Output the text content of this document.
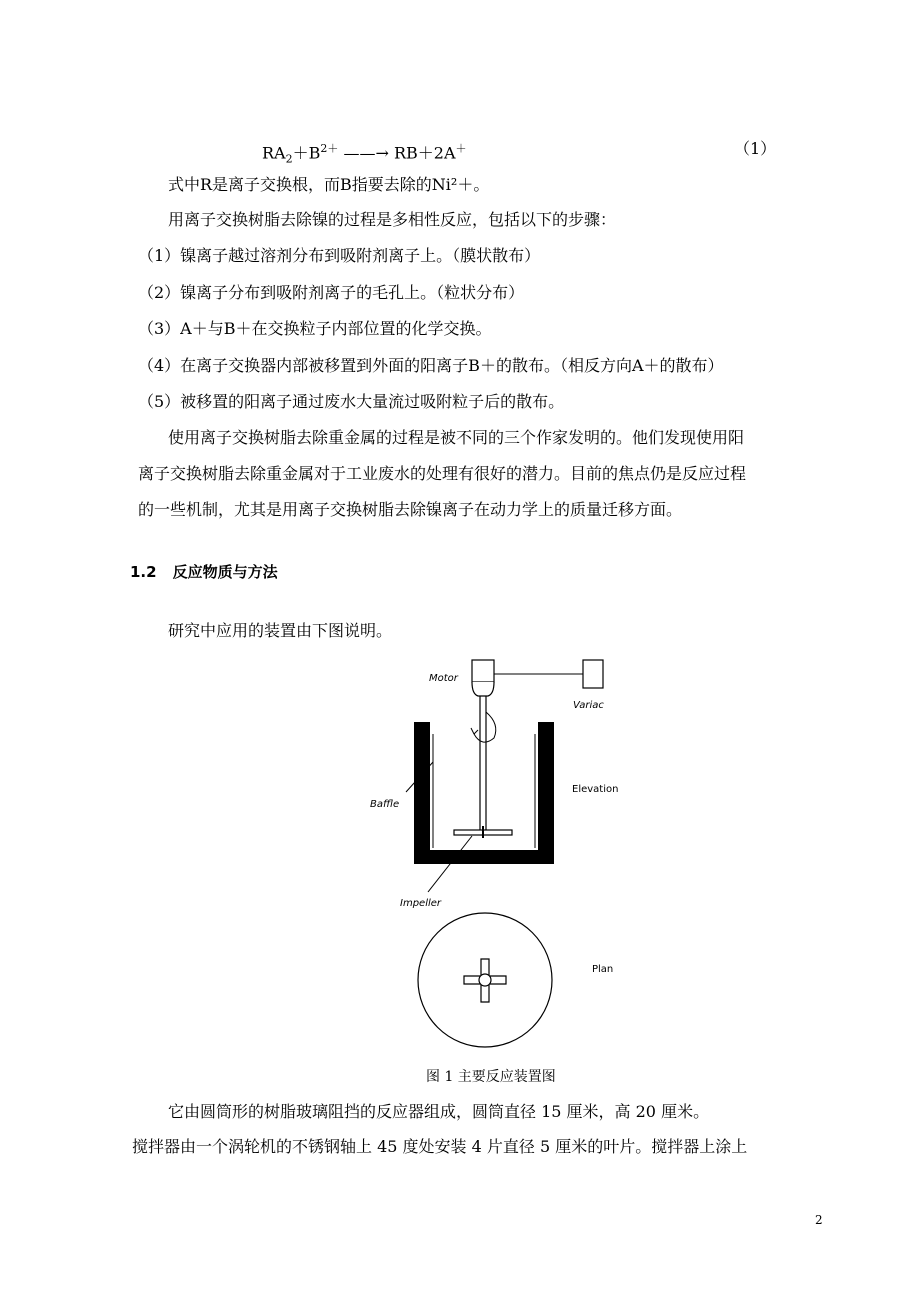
$RA_2+B^{2+}$ ——→ RB＋2A＋	（1）
式中R是离子交换根，而B指要去除的Ni²＋。
用离子交换树脂去除镍的过程是多相性反应，包括以下的步骤：
（1）镍离子越过溶剂分布到吸附剂离子上。（膜状散布）
（2）镍离子分布到吸附剂离子的毛孔上。（粒状分布）
（3）A＋与B＋在交换粒子内部位置的化学交换。
（4）在离子交换器内部被移置到外面的阳离子B＋的散布。（相反方向A＋的散布）
（5）被移置的阳离子通过废水大量流过吸附粒子后的散布。
使用离子交换树脂去除重金属的过程是被不同的三个作家发明的。他们发现使用阳
离子交换树脂去除重金属对于工业废水的处理有很好的潜力。目前的焦点仍是反应过程
的一些机制，尤其是用离子交换树脂去除镍离子在动力学上的质量迁移方面。
1.2 反应物质与方法
研究中应用的装置由下图说明。
Motor
Variac
Elevation
Baffle
Impeller
Plan
图 1 主要反应装置图
它由圆筒形的树脂玻璃阻挡的反应器组成，圆筒直径 15 厘米，高 20 厘米。
搅拌器由一个涡轮机的不锈钢轴上 45 度处安装 4 片直径 5 厘米的叶片。搅拌器上涂上
2
